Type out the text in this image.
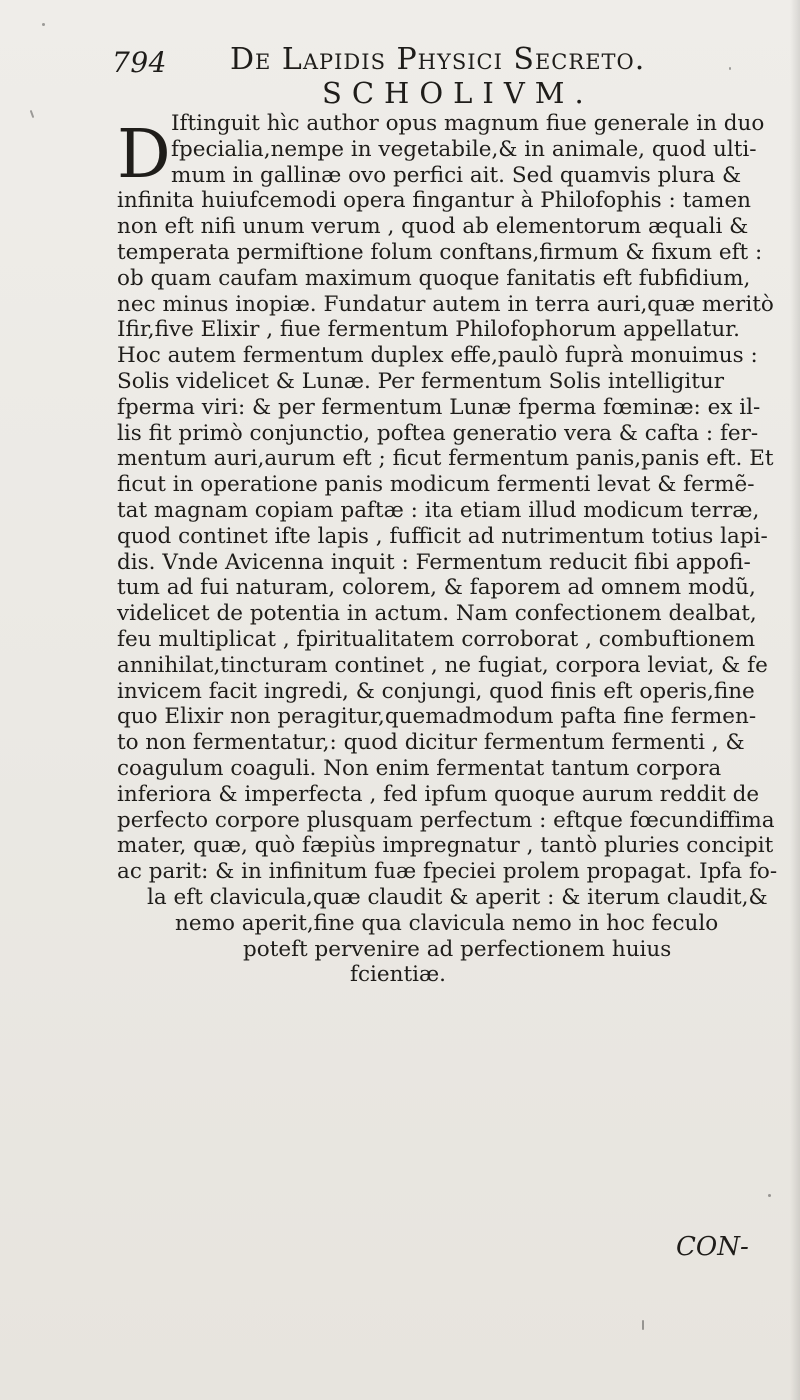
794 De Lapidis Physici Secreto.
SCHOLIVM.
D Iftinguit hìc author opus magnum fiue generale in duo
fpecialia,nempe in vegetabile,& in animale, quod ulti-
mum in gallinæ ovo perfici ait. Sed quamvis plura &
infinita huiufcemodi opera fingantur à Philofophis : tamen
non eft nifi unum verum , quod ab elementorum æquali &
temperata permiftione folum conftans,firmum & fixum eft :
ob quam caufam maximum quoque fanitatis eft fubfidium,
nec minus inopiæ. Fundatur autem in terra auri,quæ meritò
Ifir,five Elixir , fiue fermentum Philofophorum appellatur.
Hoc autem fermentum duplex effe,paulò fuprà monuimus :
Solis videlicet & Lunæ. Per fermentum Solis intelligitur
fperma viri: & per fermentum Lunæ fperma fœminæ: ex il-
lis fit primò conjunctio, poftea generatio vera & cafta : fer-
mentum auri,aurum eft ; ficut fermentum panis,panis eft. Et
ficut in operatione panis modicum fermenti levat & fermẽ-
tat magnam copiam paftæ : ita etiam illud modicum terræ,
quod continet ifte lapis , fufficit ad nutrimentum totius lapi-
dis. Vnde Avicenna inquit : Fermentum reducit fibi appofi-
tum ad fui naturam, colorem, & faporem ad omnem modũ,
videlicet de potentia in actum. Nam confectionem dealbat,
feu multiplicat , fpiritualitatem corroborat , combuftionem
annihilat,tincturam continet , ne fugiat, corpora leviat, & fe
invicem facit ingredi, & conjungi, quod finis eft operis,fine
quo Elixir non peragitur,quemadmodum pafta fine fermen-
to non fermentatur,: quod dicitur fermentum fermenti , &
coagulum coaguli. Non enim fermentat tantum corpora
inferiora & imperfecta , fed ipfum quoque aurum reddit de
perfecto corpore plusquam perfectum : eftque fœcundiffima
mater, quæ, quò fæpiùs impregnatur , tantò pluries concipit
ac parit: & in infinitum fuæ fpeciei prolem propagat. Ipfa fo-
la eft clavicula,quæ claudit & aperit : & iterum claudit,&
nemo aperit,fine qua clavicula nemo in hoc feculo
poteft pervenire ad perfectionem huius
fcientiæ.
CON-
